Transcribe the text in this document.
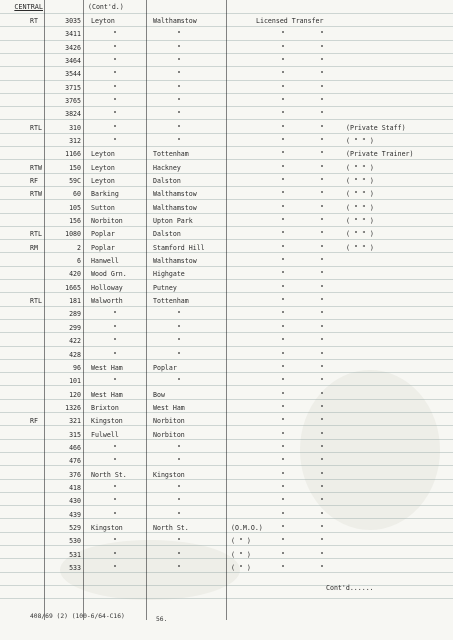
CENTRAL	(Cont'd.)
RT	3035 Leyton	Walthamstow	Licensed Transfer
3411	"	"	"	"
3426	"	"	"	"
3464	"	"	"	"
3544	"	"	"	"
3715	"	"	"	"
3765	"	"	"	"
3824	"	"	"	"
RTL	310	"	"	"	"	(Private Staff)
312	"	"	"	"	( " " )
1166 Leyton	Tottenham	"	"	(Private Trainer)
RTW	150 Leyton	Hackney	"	"	( " " )
RF	59C Leyton	Dalston	"	"	( " " )
RTW	60 Barking	Walthamstow	"	"	( " " )
105 Sutton	Walthamstow	"	"	( " " )
156 Norbiton	Upton Park	"	"	( " " )
RTL	1080 Poplar	Dalston	"	"	( " " )
RM	2 Poplar	Stamford Hill	"	"	( " " )
6 Hanwell	Walthamstow	"	"
420 Wood Grn.	Highgate	"	"
1665 Holloway	Putney	"	"
RTL	181 Walworth	Tottenham	"	"
289	"	"	"	"
299	"	"	"	"
422	"	"	"	"
428	"	"	"	"
96 West Ham	Poplar	"	"
101	"	"	"	"
120 West Ham	Bow	"	"
1326 Brixton	West Ham	"	"
RF	321 Kingston	Norbiton	"	"
315 Fulwell	Norbiton	"	"
466	"	"	"	"
476	"	"	"	"
376 North St.	Kingston	"	"
418	"	"	"	"
430	"	"	"	"
439	"	"	"	"
529 Kingston	North St.	(O.M.O.)	"	"
530	"	"	( " )	"	"
531	"	"	( " )	"	"
533	"	"	( " )	"	"
Cont'd......
408/69 (2) (100-6/64-C16)	56.
